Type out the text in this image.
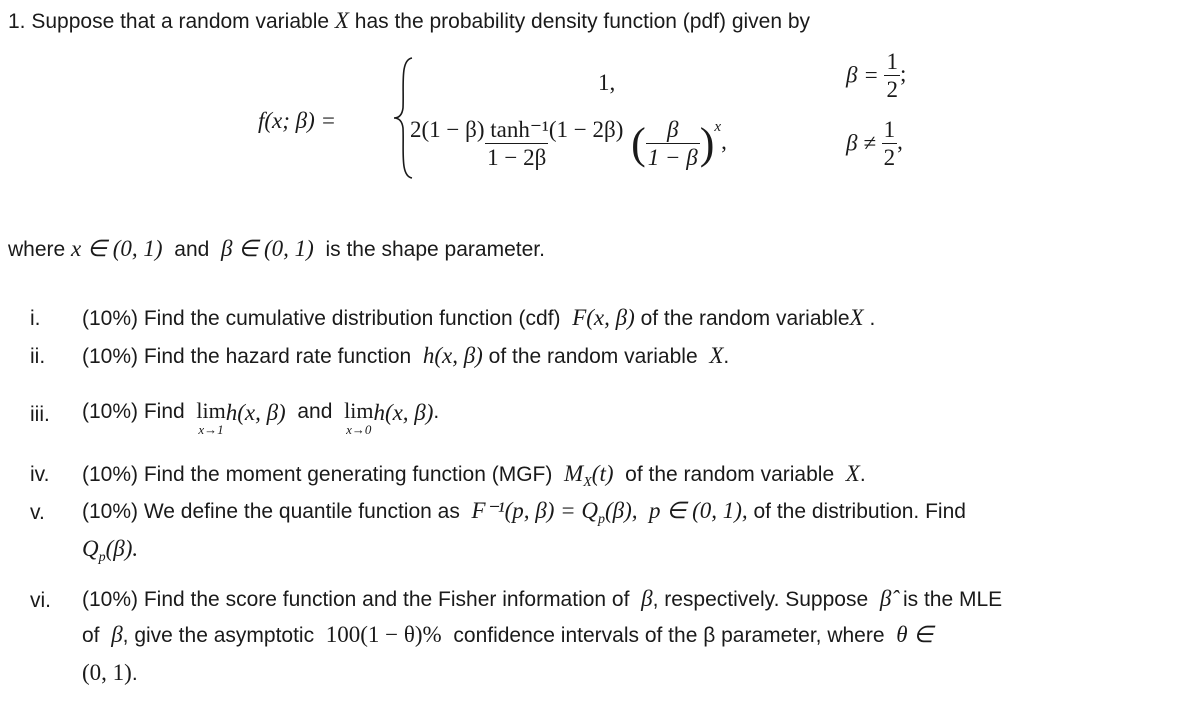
1. Suppose that a random variable X has the probability density function (pdf) given by
f(x; β) =
1,	$\beta = \frac{1}{2}$ ;
$\frac{\text{2(1 − β) tanh⁻¹(1 − 2β)}}{1 - 2\beta}$ ( $\frac{\beta}{1 - \beta} )^x$,	$\beta \ne \frac{1}{2}$ ,
where x ∈ (0, 1)  and  β ∈ (0, 1)  is the shape parameter.
i. (10%) Find the cumulative distribution function (cdf)  F(x, β) of the random variableX .
ii. (10%) Find the hazard rate function  h(x, β) of the random variable  X.
iii. (10%) Find lim
x→1
h(x, β)  and lim
x→0
h(x, β).
iv. (10%) Find the moment generating function (MGF)  $M_X(t)$  of the random variable  X.
v. (10%) We define the quantile function as  F⁻¹(p, $\beta) = Q_p(\beta)$,  p ∈ (0, 1), of the distribution. Find
$Q_p(\beta)$.
vi. (10%) Find the score function and the Fisher information of  β, respectively. Suppose  β̂  is the MLE
of  β, give the asymptotic  100(1 − θ)%  confidence intervals of the β parameter, where  θ ∈
(0, 1).
